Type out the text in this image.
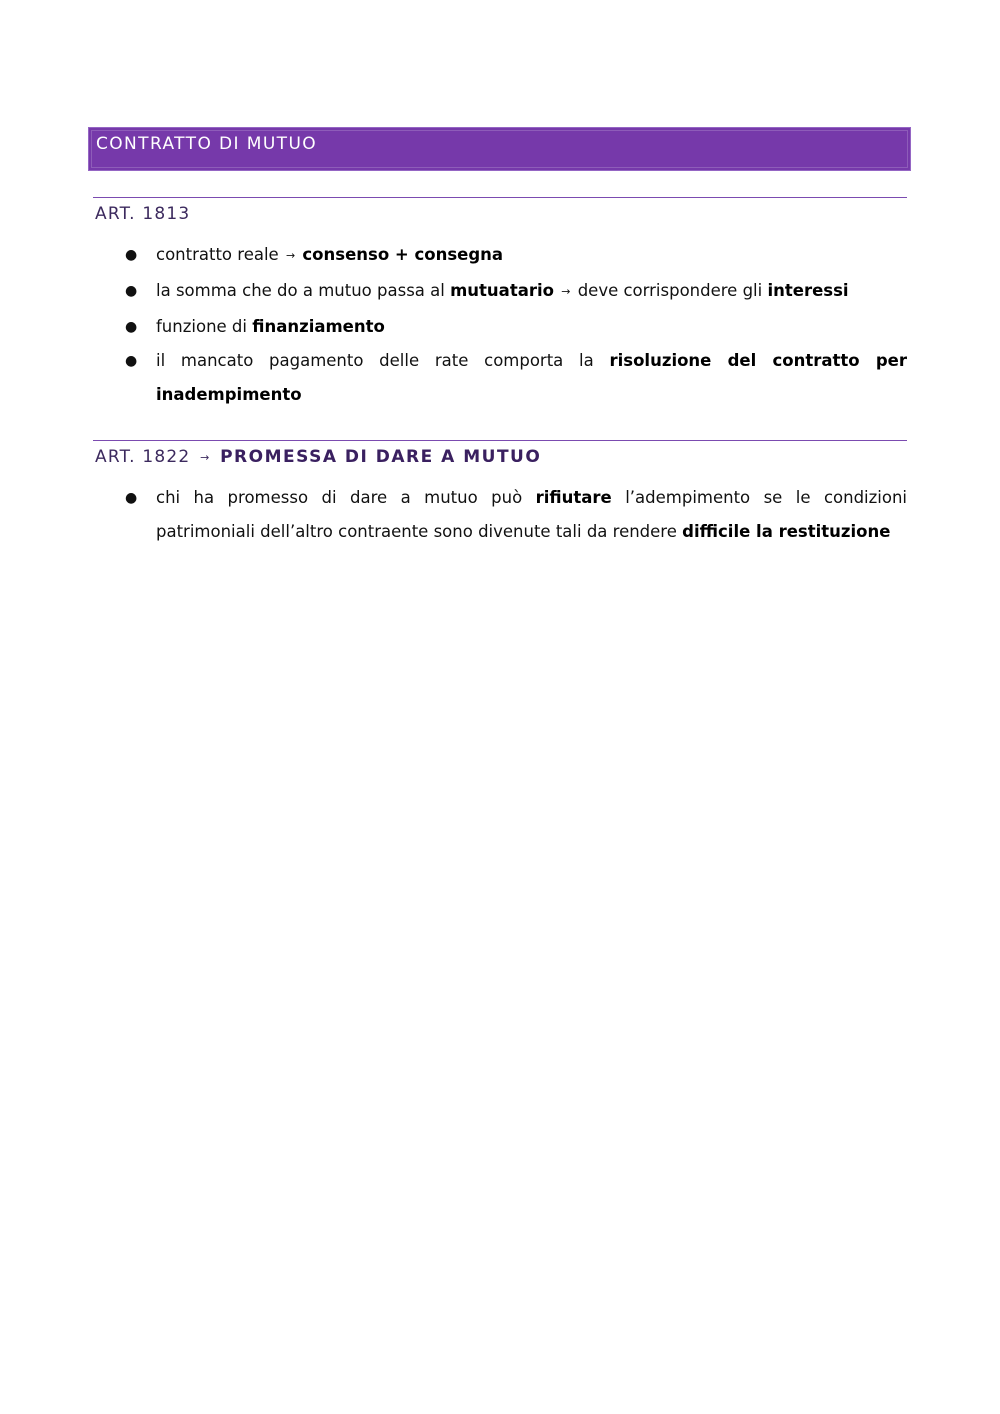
CONTRATTO DI MUTUO
ART. 1813
● contratto reale → consenso + consegna
● la somma che do a mutuo passa al mutuatario → deve corrispondere gli interessi
● funzione di finanziamento
● il mancato pagamento delle rate comporta la risoluzione del contratto per inadempimento
ART. 1822 → PROMESSA DI DARE A MUTUO
● chi ha promesso di dare a mutuo può rifiutare l’adempimento se le condizioni patrimoniali dell’altro contraente sono divenute tali da rendere difficile la restituzione
